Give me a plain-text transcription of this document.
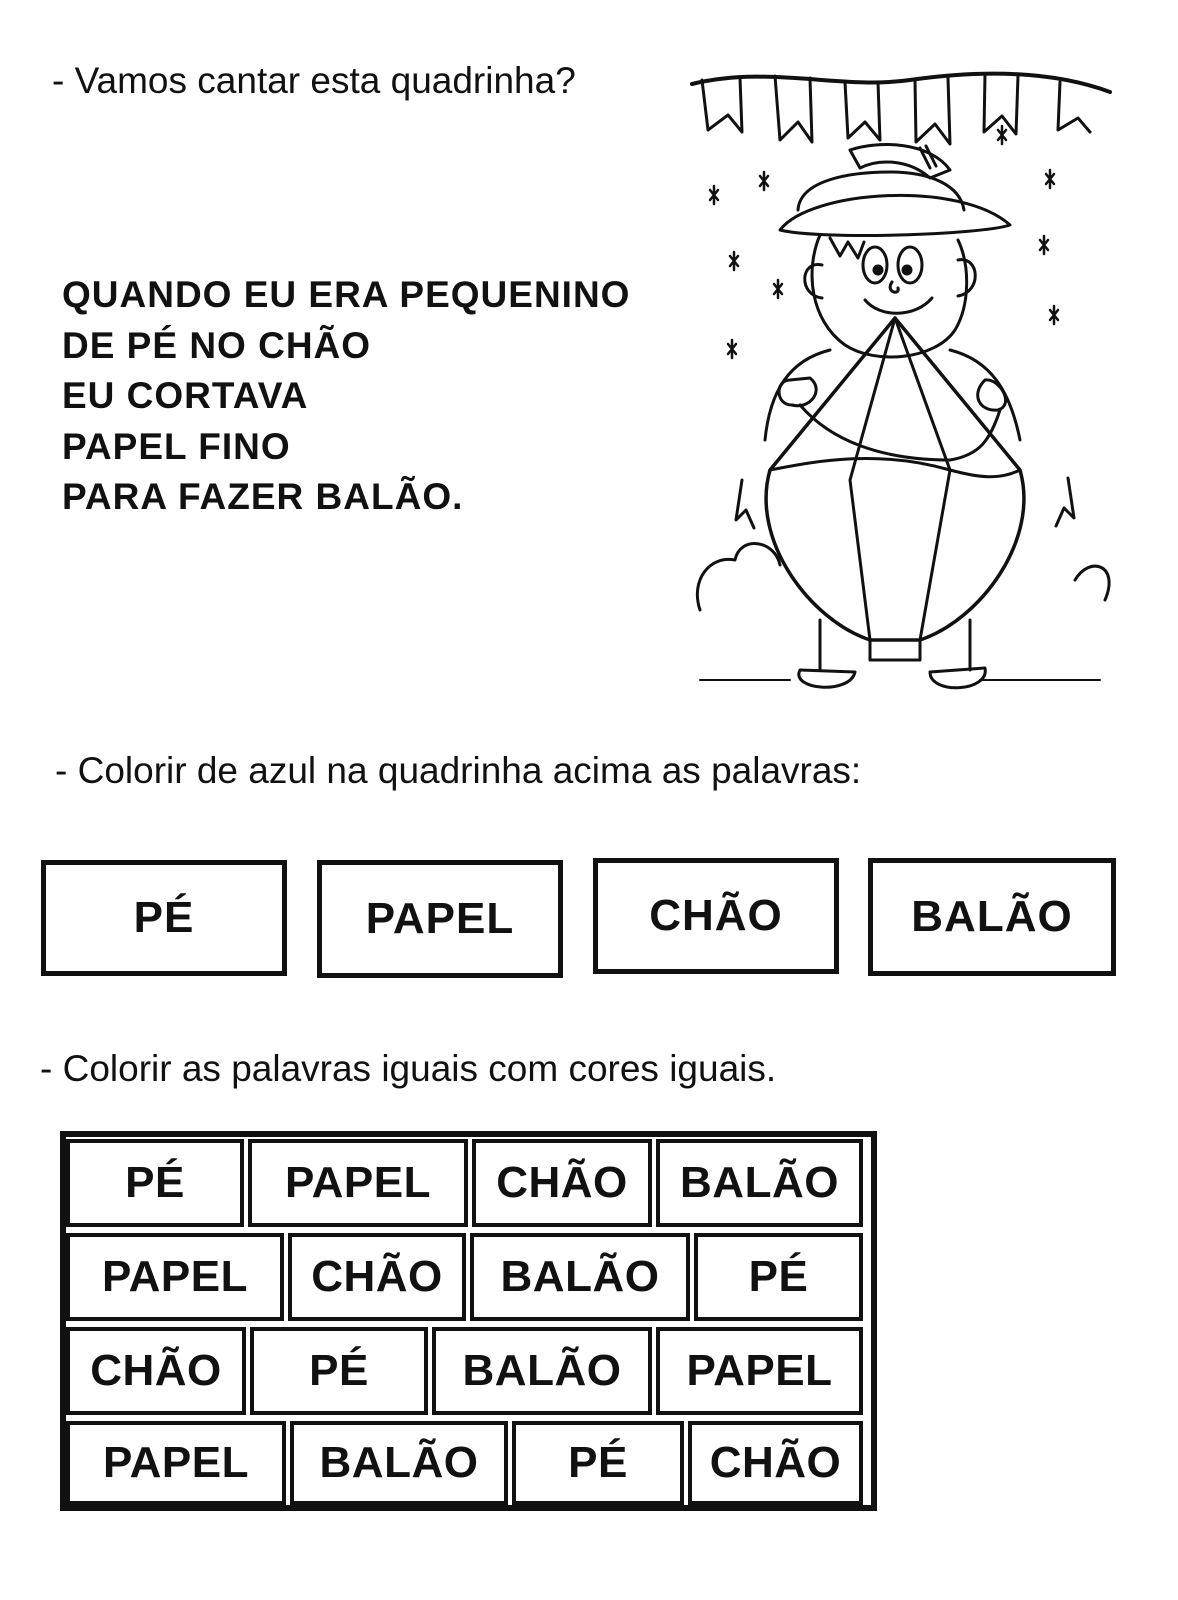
- Vamos cantar esta quadrinha?
QUANDO EU ERA PEQUENINO
DE PÉ NO CHÃO
EU CORTAVA
PAPEL FINO
PARA FAZER BALÃO.
- Colorir de azul na quadrinha acima as palavras:
PÉ	PAPEL	CHÃO	BALÃO
- Colorir as palavras iguais com cores iguais.
PÉ	PAPEL	CHÃO	BALÃO
PAPEL	CHÃO	BALÃO	PÉ
CHÃO	PÉ	BALÃO	PAPEL
PAPEL	BALÃO	PÉ	CHÃO
